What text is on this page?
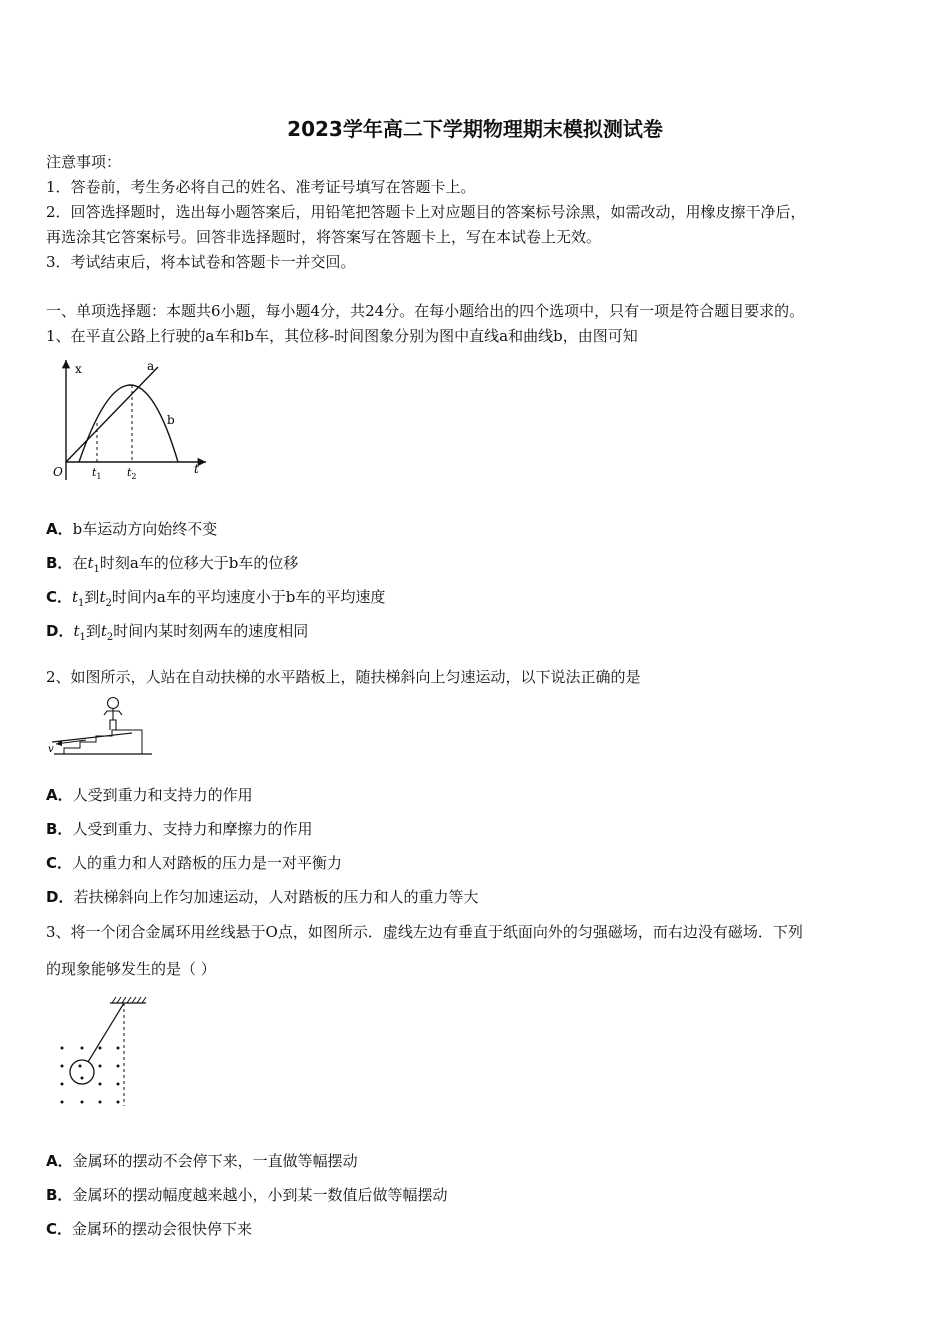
2023学年高二下学期物理期末模拟测试卷
注意事项：
1．答卷前，考生务必将自己的姓名、准考证号填写在答题卡上。
2．回答选择题时，选出每小题答案后，用铅笔把答题卡上对应题目的答案标号涂黑，如需改动，用橡皮擦干净后，
再选涂其它答案标号。回答非选择题时，将答案写在答题卡上，写在本试卷上无效。
3．考试结束后，将本试卷和答题卡一并交回。
一、单项选择题：本题共6小题，每小题4分，共24分。在每小题给出的四个选项中，只有一项是符合题目要求的。
1、在平直公路上行驶的a车和b车，其位移-时间图象分别为图中直线a和曲线b，由图可知
x	a
b
O	t
$t_1$ $t_2$
A．b车运动方向始终不变
B．在$t_1$时刻a车的位移大于b车的位移
C．$t_1$到$t_2$时间内a车的平均速度小于b车的平均速度
D．$t_1$到$t_2$时间内某时刻两车的速度相同
2、如图所示，人站在自动扶梯的水平踏板上，随扶梯斜向上匀速运动，以下说法正确的是
v
A．人受到重力和支持力的作用
B．人受到重力、支持力和摩擦力的作用
C．人的重力和人对踏板的压力是一对平衡力
D．若扶梯斜向上作匀加速运动，人对踏板的压力和人的重力等大
3、将一个闭合金属环用丝线悬于O点，如图所示．虚线左边有垂直于纸面向外的匀强磁场，而右边没有磁场．下列
的现象能够发生的是（ ）
A．金属环的摆动不会停下来，一直做等幅摆动
B．金属环的摆动幅度越来越小，小到某一数值后做等幅摆动
C．金属环的摆动会很快停下来
